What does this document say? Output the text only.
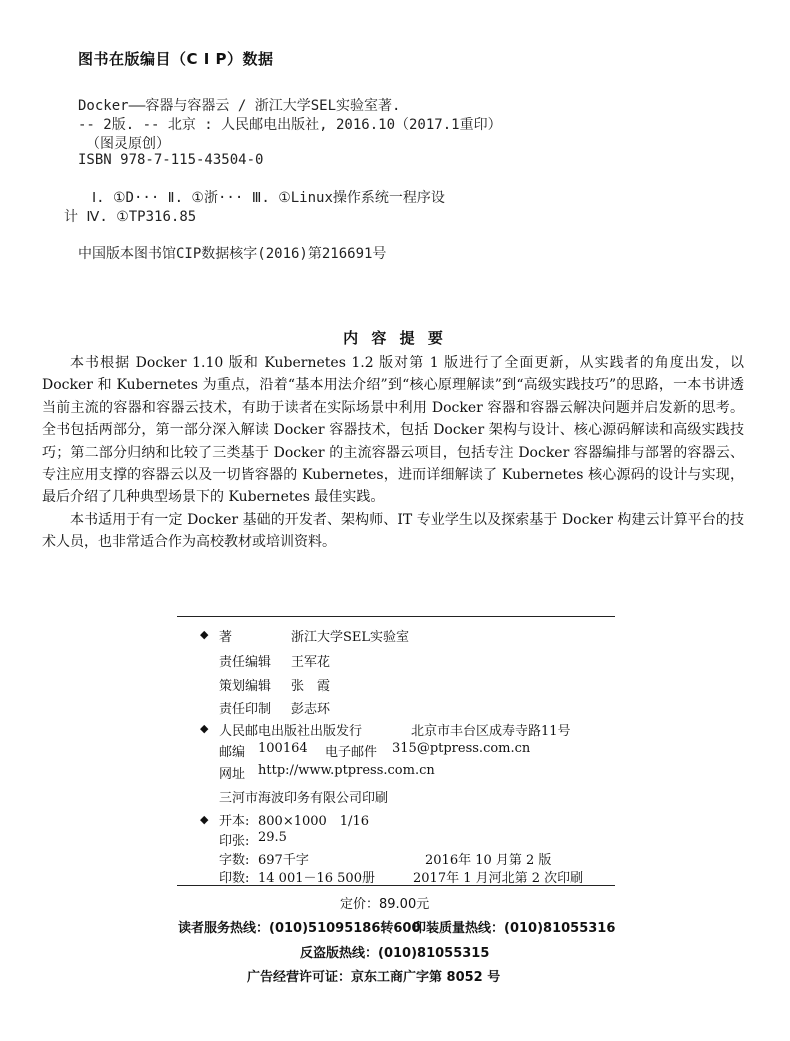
图书在版编目（C I P）数据
Docker——容器与容器云 / 浙江大学SEL实验室著.
-- 2版. -- 北京 : 人民邮电出版社, 2016.10（2017.1重印）
（图灵原创）
ISBN 978-7-115-43504-0
Ⅰ. ①D··· Ⅱ. ①浙··· Ⅲ. ①Linux操作系统一程序设
计 Ⅳ. ①TP316.85
中国版本图书馆CIP数据核字(2016)第216691号
内 容 提 要

本书根据 Docker 1.10 版和 Kubernetes 1.2 版对第 1 版进行了全面更新，从实践者的角度出发，以 Docker 和 Kubernetes 为重点，沿着“基本用法介绍”到“核心原理解读”到“高级实践技巧”的思路，一本书讲透当前主流的容器和容器云技术，有助于读者在实际场景中利用 Docker 容器和容器云解决问题并启发新的思考。全书包括两部分，第一部分深入解读 Docker 容器技术，包括 Docker 架构与设计、核心源码解读和高级实践技巧；第二部分归纳和比较了三类基于 Docker 的主流容器云项目，包括专注 Docker 容器编排与部署的容器云、专注应用支撑的容器云以及一切皆容器的 Kubernetes，进而详细解读了 Kubernetes 核心源码的设计与实现，最后介绍了几种典型场景下的 Kubernetes 最佳实践。

本书适用于有一定 Docker 基础的开发者、架构师、IT 专业学生以及探索基于 Docker 构建云计算平台的技术人员，也非常适合作为高校教材或培训资料。

◆ 著	浙江大学SEL实验室
责任编辑 王军花
策划编辑 张　霞
责任印制 彭志环
◆ 人民邮电出版社出版发行	北京市丰台区成寿寺路11号
邮编 100164 电子邮件 315@ptpress.com.cn
网址 http://www.ptpress.com.cn
三河市海波印务有限公司印刷
◆ 开本: 800×1000　1/16
印张: 29.5
字数: 697千字	2016年 10 月第 2 版
印数: 14 001－16 500册	2017年 1 月河北第 2 次印刷
定价：89.00元
读者服务热线：(010)51095186转600
印装质量热线：(010)81055316
反盗版热线：(010)81055315
广告经营许可证：京东工商广字第 8052 号
